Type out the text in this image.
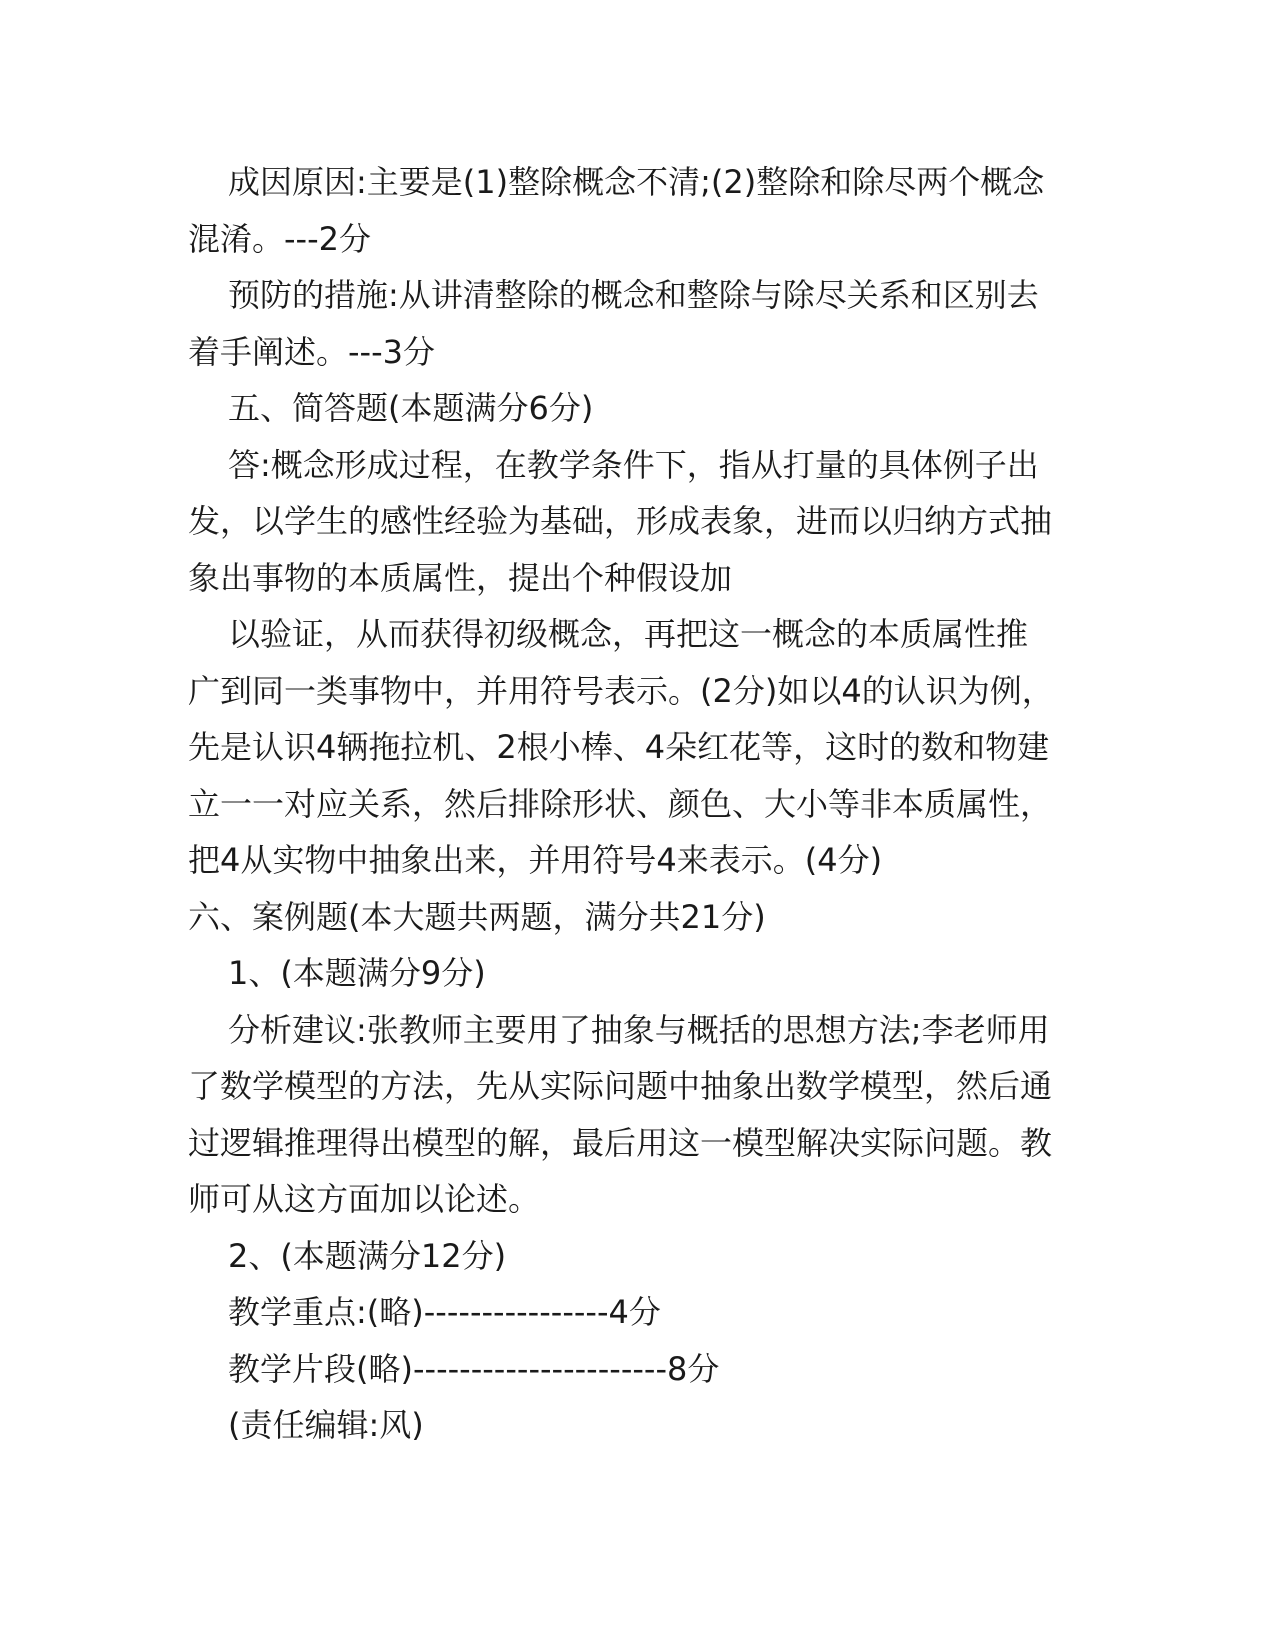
成因原因:主要是(1)整除概念不清;(2)整除和除尽两个概念
混淆。---2分

预防的措施:从讲清整除的概念和整除与除尽关系和区别去
着手阐述。---3分

五、简答题(本题满分6分)

答:概念形成过程，在教学条件下，指从打量的具体例子出
发，以学生的感性经验为基础，形成表象，进而以归纳方式抽
象出事物的本质属性，提出个种假设加

以验证，从而获得初级概念，再把这一概念的本质属性推
广到同一类事物中，并用符号表示。(2分)如以4的认识为例，
先是认识4辆拖拉机、2根小棒、4朵红花等，这时的数和物建
立一一对应关系，然后排除形状、颜色、大小等非本质属性，
把4从实物中抽象出来，并用符号4来表示。(4分)

六、案例题(本大题共两题，满分共21分)

1、(本题满分9分)

分析建议:张教师主要用了抽象与概括的思想方法;李老师用
了数学模型的方法，先从实际问题中抽象出数学模型，然后通
过逻辑推理得出模型的解，最后用这一模型解决实际问题。教
师可从这方面加以论述。

2、(本题满分12分)

教学重点:(略)----------------4分

教学片段(略)----------------------8分

(责任编辑:风)
